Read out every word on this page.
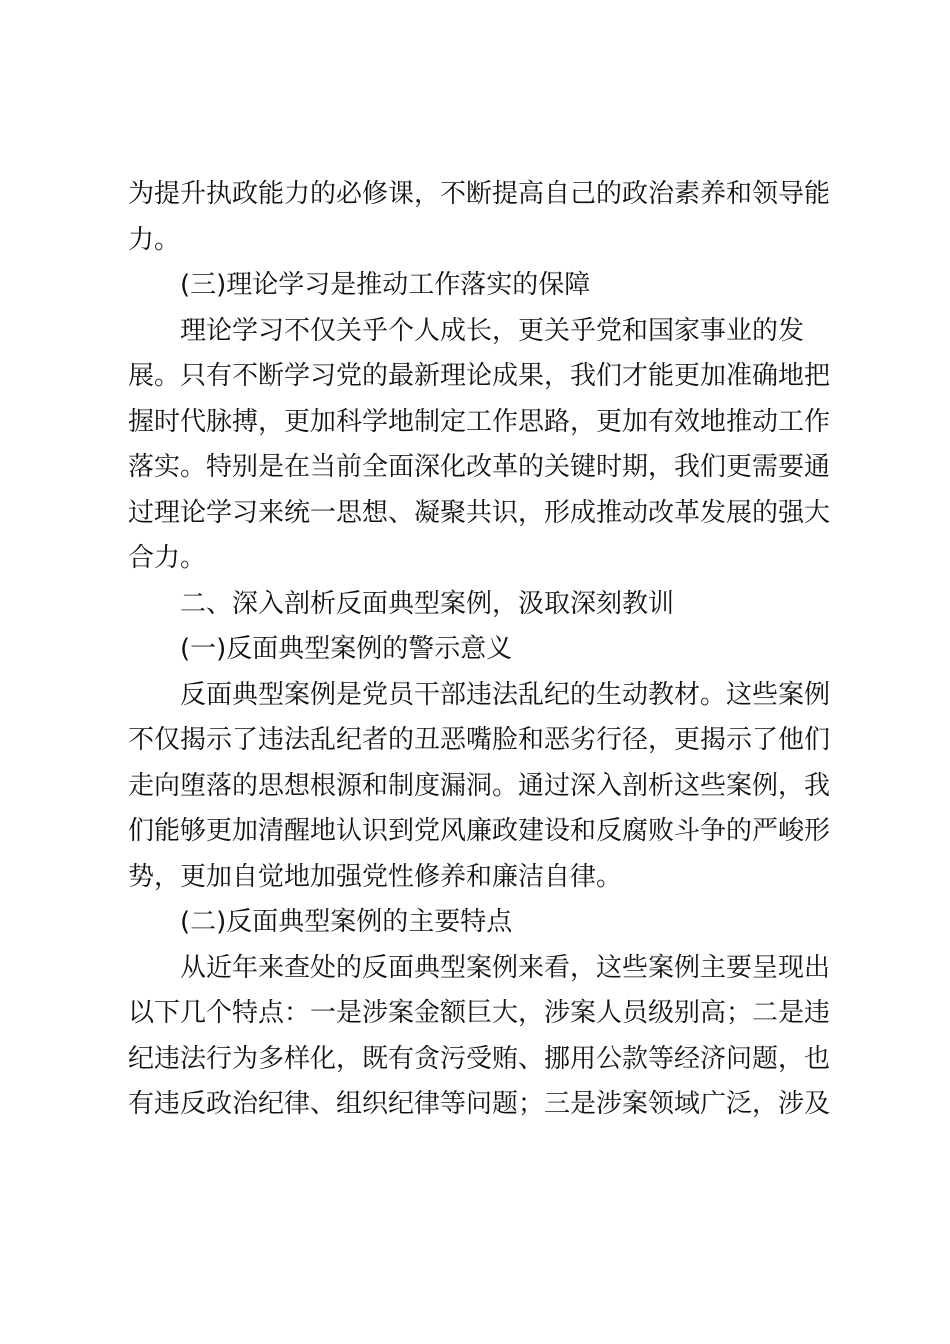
为提升执政能力的必修课，不断提高自己的政治素养和领导能
力。
(三)理论学习是推动工作落实的保障
理论学习不仅关乎个人成长，更关乎党和国家事业的发
展。只有不断学习党的最新理论成果，我们才能更加准确地把
握时代脉搏，更加科学地制定工作思路，更加有效地推动工作
落实。特别是在当前全面深化改革的关键时期，我们更需要通
过理论学习来统一思想、凝聚共识，形成推动改革发展的强大
合力。
二、深入剖析反面典型案例，汲取深刻教训
(一)反面典型案例的警示意义
反面典型案例是党员干部违法乱纪的生动教材。这些案例
不仅揭示了违法乱纪者的丑恶嘴脸和恶劣行径，更揭示了他们
走向堕落的思想根源和制度漏洞。通过深入剖析这些案例，我
们能够更加清醒地认识到党风廉政建设和反腐败斗争的严峻形
势，更加自觉地加强党性修养和廉洁自律。
(二)反面典型案例的主要特点
从近年来查处的反面典型案例来看，这些案例主要呈现出
以下几个特点：一是涉案金额巨大，涉案人员级别高；二是违
纪违法行为多样化，既有贪污受贿、挪用公款等经济问题，也
有违反政治纪律、组织纪律等问题；三是涉案领域广泛，涉及
